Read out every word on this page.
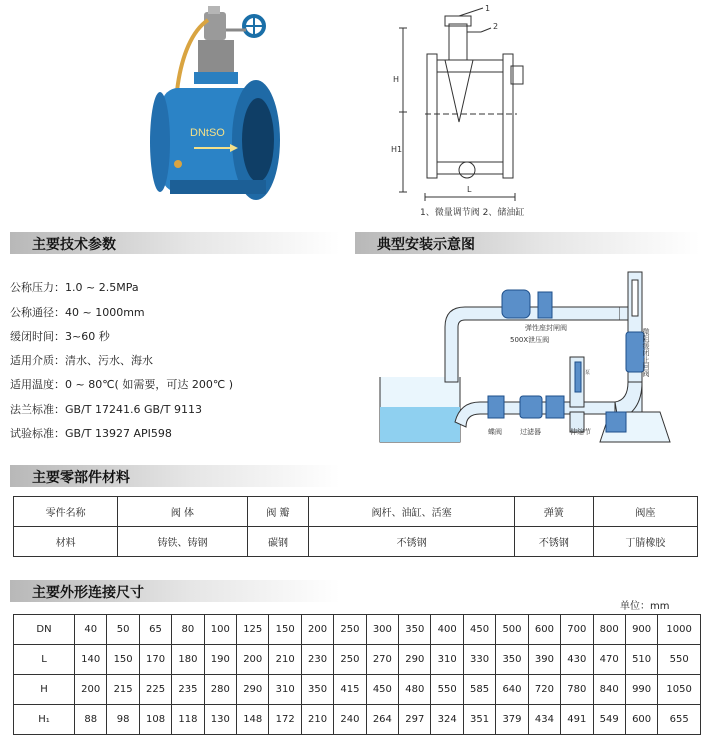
DNtSO
1
2
H
H1
L
1、微量调节阀 2、储油缸
主要技术参数	典型安装示意图
公称压力：1.0 ~ 2.5MPa
公称通径：40 ~ 1000mm
缓闭时间：3~60 秒
适用介质：清水、污水、海水
适用温度：0 ~ 80℃( 如需要，可达 200℃ )
法兰标准：GB/T 17241.6 GB/T 9113
试验标准：GB/T 13927 API598
泵
弹性座封闸阀
500X泄压阀
蝶阀	过滤器	伸缩节
微阻缓闭止回阀
主要零部件材料
零件名称	阀 体	阀 瓣	阀杆、油缸、活塞	弹簧	阀座
材料	铸铁、铸钢	碳钢	不锈钢	不锈钢	丁腈橡胶
主要外形连接尺寸
单位：mm
DN	40	50	65	80	100	125	150	200	250	300	350	400	450	500	600	700	800	900	1000
L	140	150	170	180	190	200	210	230	250	270	290	310	330	350	390	430	470	510	550
H	200	215	225	235	280	290	310	350	415	450	480	550	585	640	720	780	840	990	1050
H₁	88	98	108	118	130	148	172	210	240	264	297	324	351	379	434	491	549	600	655
